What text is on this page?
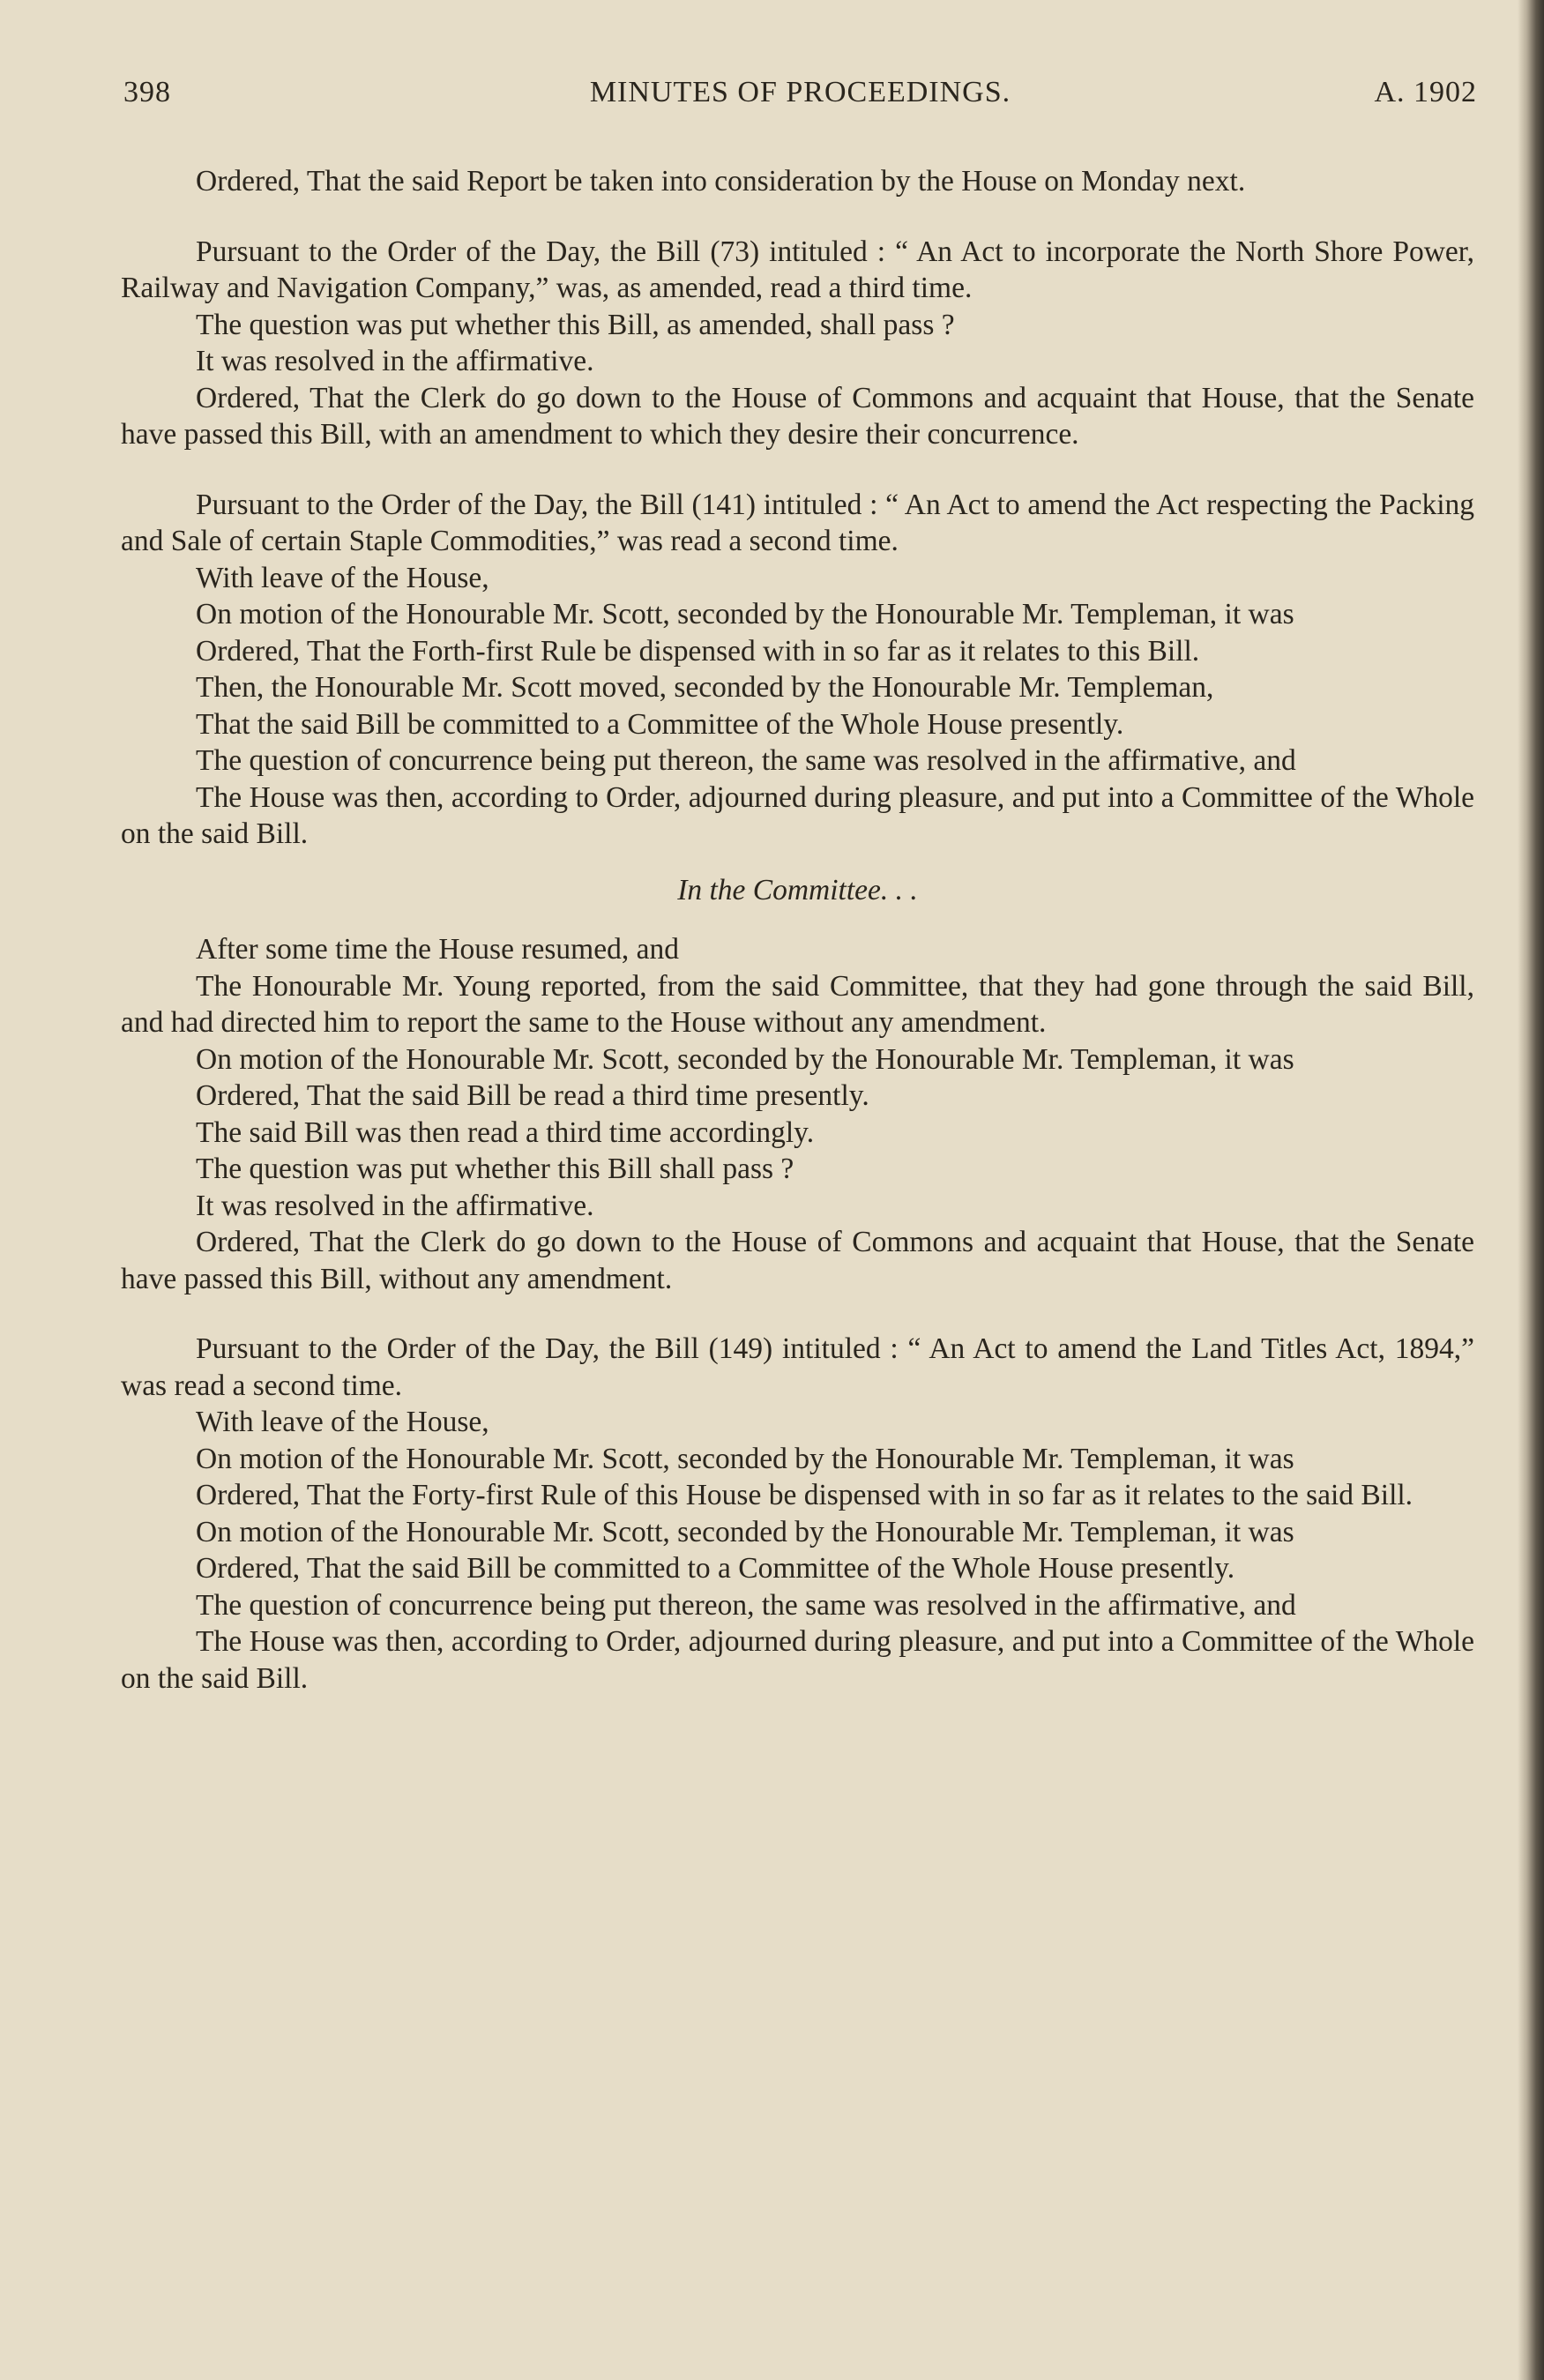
398	MINUTES OF PROCEEDINGS.	A. 1902

Ordered, That the said Report be taken into consideration by the House on Monday next.

Pursuant to the Order of the Day, the Bill (73) intituled : “ An Act to incorporate the North Shore Power, Railway and Navigation Company,” was, as amended, read a third time.

The question was put whether this Bill, as amended, shall pass ?

It was resolved in the affirmative.

Ordered, That the Clerk do go down to the House of Commons and acquaint that House, that the Senate have passed this Bill, with an amendment to which they desire their concurrence.

Pursuant to the Order of the Day, the Bill (141) intituled : “ An Act to amend the Act respecting the Packing and Sale of certain Staple Commodities,” was read a second time.

With leave of the House,

On motion of the Honourable Mr. Scott, seconded by the Honourable Mr. Templeman, it was

Ordered, That the Forth-first Rule be dispensed with in so far as it relates to this Bill.

Then, the Honourable Mr. Scott moved, seconded by the Honourable Mr. Templeman,

That the said Bill be committed to a Committee of the Whole House presently.

The question of concurrence being put thereon, the same was resolved in the affirmative, and

The House was then, according to Order, adjourned during pleasure, and put into a Committee of the Whole on the said Bill.

In the Committee. . .

After some time the House resumed, and

The Honourable Mr. Young reported, from the said Committee, that they had gone through the said Bill, and had directed him to report the same to the House without any amendment.

On motion of the Honourable Mr. Scott, seconded by the Honourable Mr. Templeman, it was

Ordered, That the said Bill be read a third time presently.

The said Bill was then read a third time accordingly.

The question was put whether this Bill shall pass ?

It was resolved in the affirmative.

Ordered, That the Clerk do go down to the House of Commons and acquaint that House, that the Senate have passed this Bill, without any amendment.

Pursuant to the Order of the Day, the Bill (149) intituled : “ An Act to amend the Land Titles Act, 1894,” was read a second time.

With leave of the House,

On motion of the Honourable Mr. Scott, seconded by the Honourable Mr. Templeman, it was

Ordered, That the Forty-first Rule of this House be dispensed with in so far as it relates to the said Bill.

On motion of the Honourable Mr. Scott, seconded by the Honourable Mr. Templeman, it was

Ordered, That the said Bill be committed to a Committee of the Whole House presently.

The question of concurrence being put thereon, the same was resolved in the affirmative, and

The House was then, according to Order, adjourned during pleasure, and put into a Committee of the Whole on the said Bill.
